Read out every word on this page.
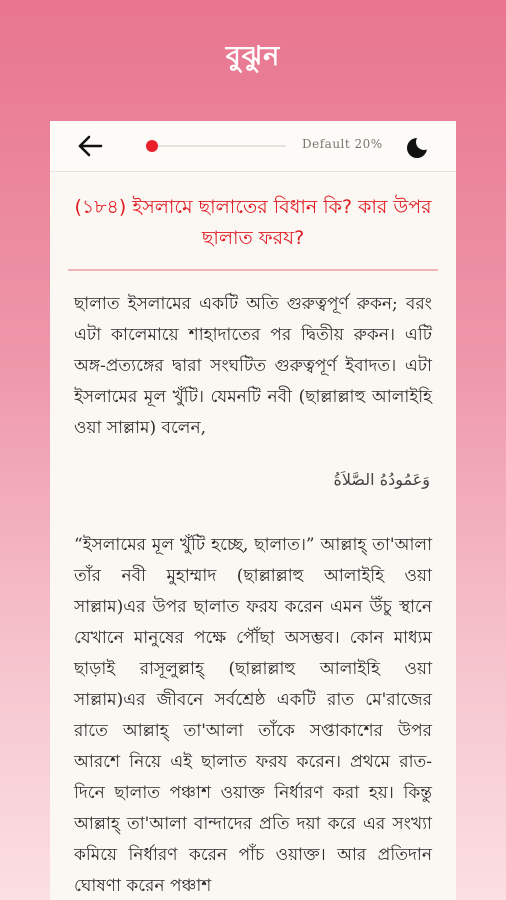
বুঝুন
Default 20%
(১৮৪) ইসলামে ছালাতের বিধান কি? কার উপর ছালাত ফরয?
ছালাত ইসলামের একটি অতি গুরুত্বপূর্ণ রুকন; বরং এটা কালেমায়ে শাহাদাতের পর দ্বিতীয় রুকন। এটি অঙ্গ-প্রত্যঙ্গের দ্বারা সংঘটিত গুরুত্বপূর্ণ ইবাদত। এটা ইসলামের মূল খুঁটি। যেমনটি নবী (ছাল্লাল্লাহু আলাইহি ওয়া সাল্লাম) বলেন,
وَعَمُودُهُ الصَّلاَةُ
“ইসলামের মূল খুঁটি হচ্ছে, ছালাত।” আল্লাহ্‌ তা'আলা তাঁর নবী মুহাম্মাদ (ছাল্লাল্লাহু আলাইহি ওয়া সাল্লাম)এর উপর ছালাত ফরয করেন এমন উঁচু স্থানে যেখানে মানুষের পক্ষে পৌঁছা অসম্ভব। কোন মাধ্যম ছাড়াই রাসূলুল্লাহ্‌ (ছাল্লাল্লাহু আলাইহি ওয়া সাল্লাম)এর জীবনে সর্বশ্রেষ্ঠ একটি রাত মে'রাজের রাতে আল্লাহ্‌ তা'আলা তাঁকে সপ্তাকাশের উপর আরশে নিয়ে এই ছালাত ফরয করেন। প্রথমে রাত-দিনে ছালাত পঞ্চাশ ওয়াক্ত নির্ধারণ করা হয়। কিন্তু আল্লাহ্‌ তা'আলা বান্দাদের প্রতি দয়া করে এর সংখ্যা কমিয়ে নির্ধারণ করেন পাঁচ ওয়াক্ত। আর প্রতিদান ঘোষণা করেন পঞ্চাশ
